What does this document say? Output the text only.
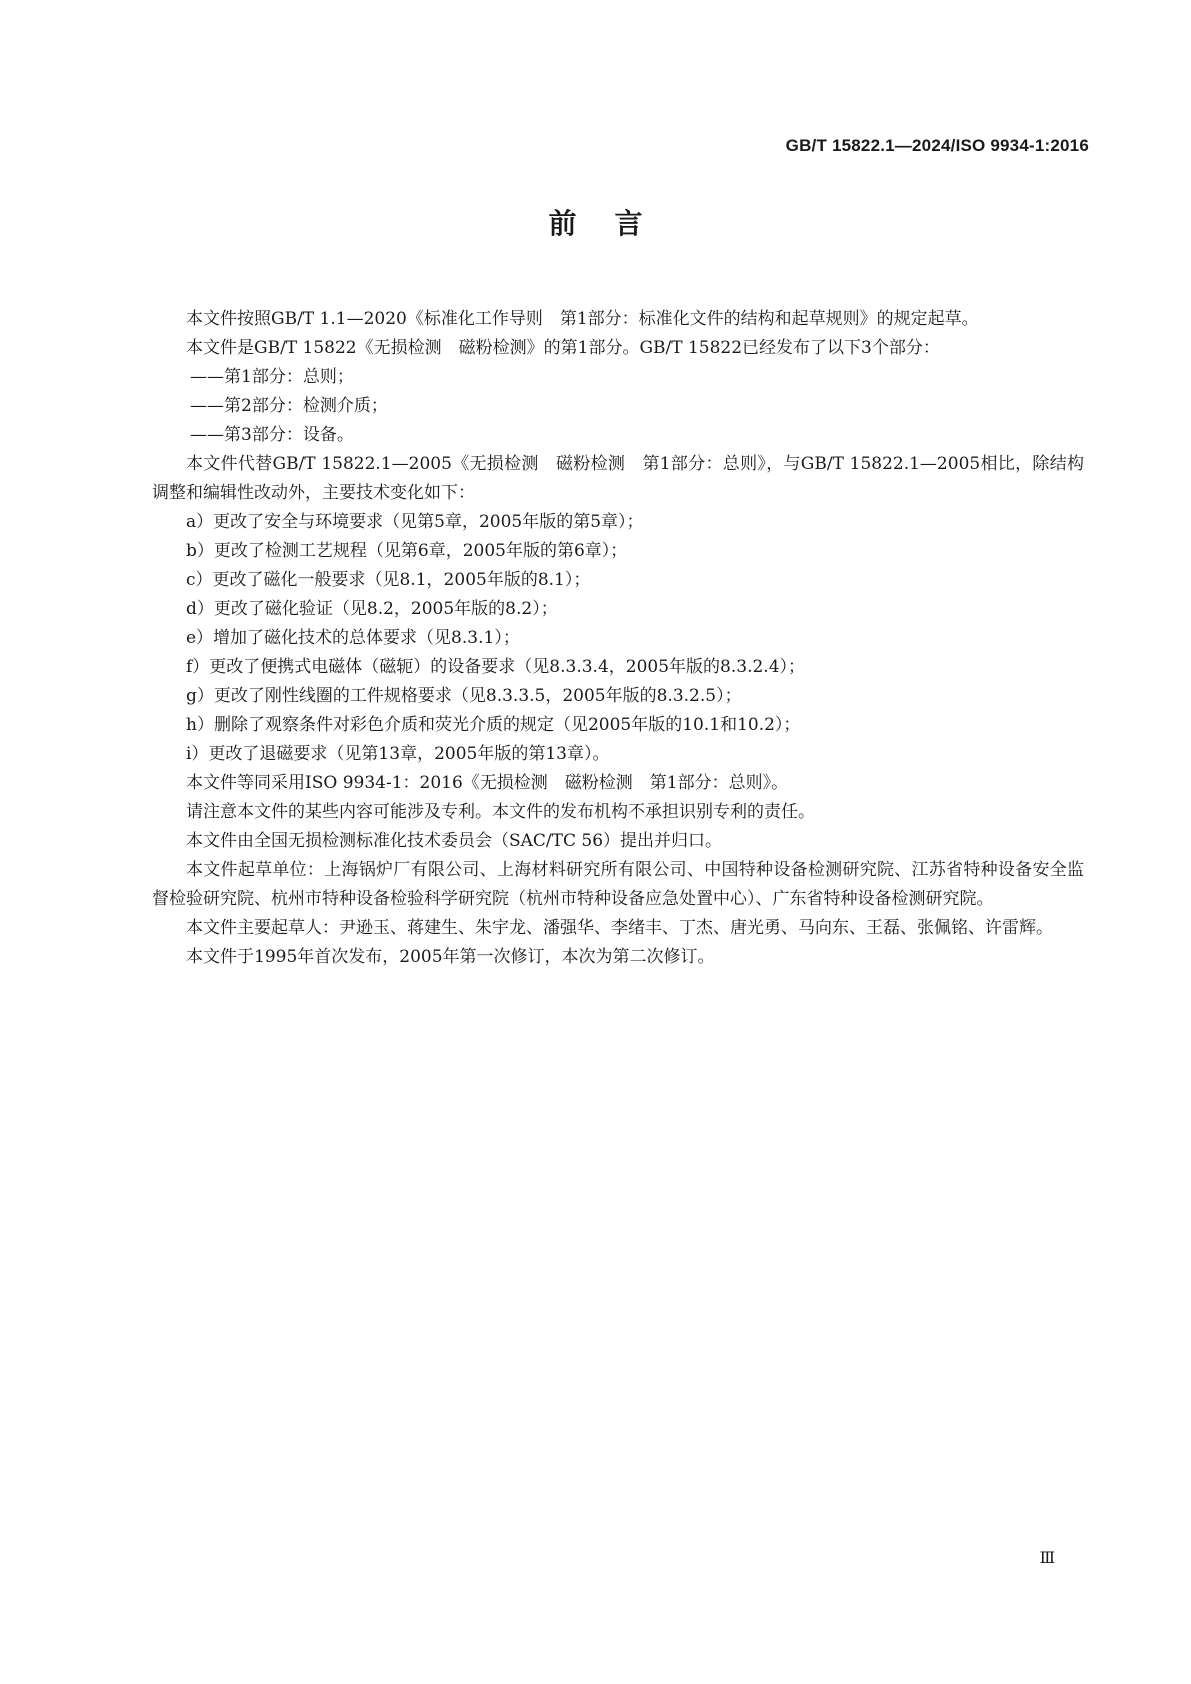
GB/T 15822.1—2024/ISO 9934-1:2016
前言

本文件按照GB/T 1.1—2020《标准化工作导则　第1部分：标准化文件的结构和起草规则》的规定起草。

本文件是GB/T 15822《无损检测　磁粉检测》的第1部分。GB/T 15822已经发布了以下3个部分：

——第1部分：总则；

——第2部分：检测介质；

——第3部分：设备。

本文件代替GB/T 15822.1—2005《无损检测　磁粉检测　第1部分：总则》，与GB/T 15822.1—2005相比，除结构调整和编辑性改动外，主要技术变化如下：

a）更改了安全与环境要求（见第5章，2005年版的第5章）；

b）更改了检测工艺规程（见第6章，2005年版的第6章）；

c）更改了磁化一般要求（见8.1，2005年版的8.1）；

d）更改了磁化验证（见8.2，2005年版的8.2）；

e）增加了磁化技术的总体要求（见8.3.1）；

f）更改了便携式电磁体（磁轭）的设备要求（见8.3.3.4，2005年版的8.3.2.4）；

g）更改了刚性线圈的工件规格要求（见8.3.3.5，2005年版的8.3.2.5）；

h）删除了观察条件对彩色介质和荧光介质的规定（见2005年版的10.1和10.2）；

i）更改了退磁要求（见第13章，2005年版的第13章）。

本文件等同采用ISO 9934-1：2016《无损检测　磁粉检测　第1部分：总则》。

请注意本文件的某些内容可能涉及专利。本文件的发布机构不承担识别专利的责任。

本文件由全国无损检测标准化技术委员会（SAC/TC 56）提出并归口。

本文件起草单位：上海锅炉厂有限公司、上海材料研究所有限公司、中国特种设备检测研究院、江苏省特种设备安全监督检验研究院、杭州市特种设备检验科学研究院（杭州市特种设备应急处置中心）、广东省特种设备检测研究院。

本文件主要起草人：尹逊玉、蒋建生、朱宇龙、潘强华、李绪丰、丁杰、唐光勇、马向东、王磊、张佩铭、许雷辉。

本文件于1995年首次发布，2005年第一次修订，本次为第二次修订。

Ⅲ
